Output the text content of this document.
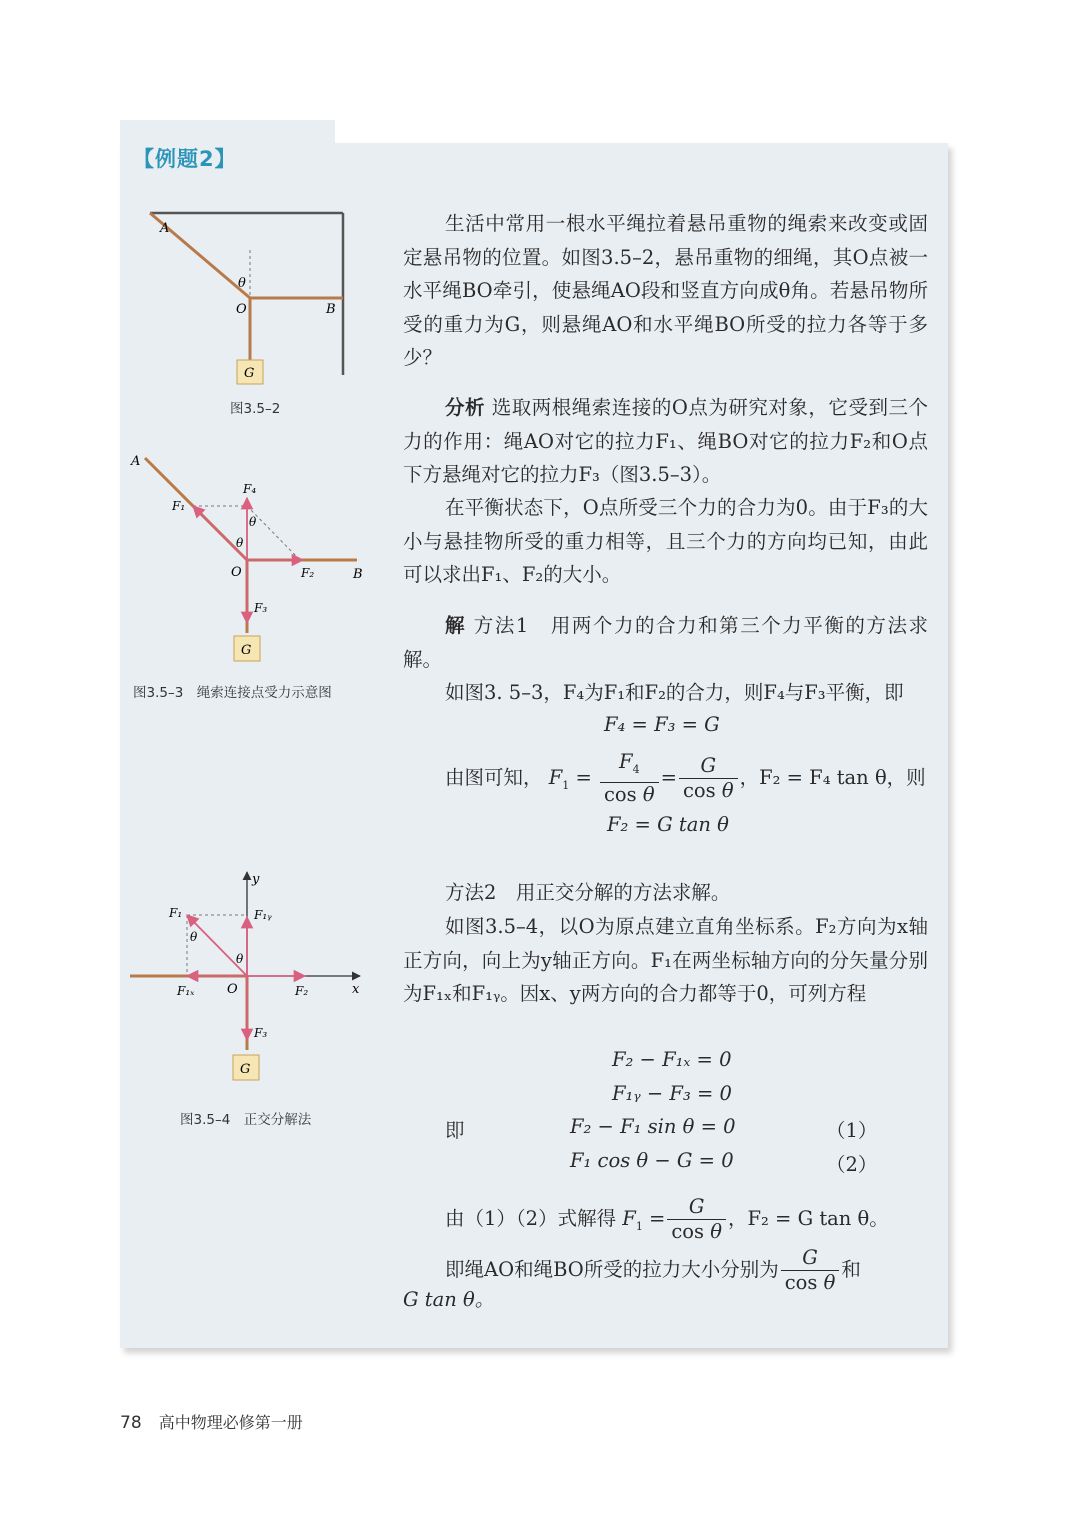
【例题2】
A
θ
O	B
G
图3.5–2
A
F₄
F₁
θ
θ
O	F₂	B
F₃
G
图3.5–3　绳索连接点受力示意图
y
F₁	F₁ᵧ
θ
θ
F₁ₓ	O	F₂	x
F₃
G
图3.5–4　正交分解法

生活中常用一根水平绳拉着悬吊重物的绳索来改变或固定悬吊物的位置。如图3.5–2，悬吊重物的细绳，其O点被一水平绳BO牵引，使悬绳AO段和竖直方向成θ角。若悬吊物所受的重力为G，则悬绳AO和水平绳BO所受的拉力各等于多少？

分析 选取两根绳索连接的O点为研究对象，它受到三个力的作用：绳AO对它的拉力F₁、绳BO对它的拉力F₂和O点下方悬绳对它的拉力F₃（图3.5–3）。

在平衡状态下，O点所受三个力的合力为0。由于F₃的大小与悬挂物所受的重力相等，且三个力的方向均已知，由此可以求出F₁、F₂的大小。

解 方法1　用两个力的合力和第三个力平衡的方法求解。

如图3. 5–3，F₄为F₁和F₂的合力，则F₄与F₃平衡，即

F₄ = F₃ = G
由图可知， $F_1 = \frac{F_4}{\text{cos θ}} = \frac{G}{\text{cos θ}}$ ，F₂ = F₄ tan θ，则
F₂ = G tan θ

方法2　用正交分解的方法求解。

如图3.5–4，以O为原点建立直角坐标系。F₂方向为x轴正方向，向上为y轴正方向。F₁在两坐标轴方向的分矢量分别为F₁ₓ和F₁ᵧ。因x、y两方向的合力都等于0，可列方程

F₂ − F₁ₓ = 0
F₁ᵧ − F₃ = 0
即	F₂ − F₁ sin θ = 0	（1）
F₁ cos θ − G = 0	（2）
由（1）（2）式解得 $F_1 = \frac{G}{\text{cos θ}}$ ，F₂ = G tan θ。
即绳AO和绳BO所受的拉力大小分别为 $\frac{G}{\text{cos θ}}$ 和
G tan θ。
78 高中物理必修第一册
